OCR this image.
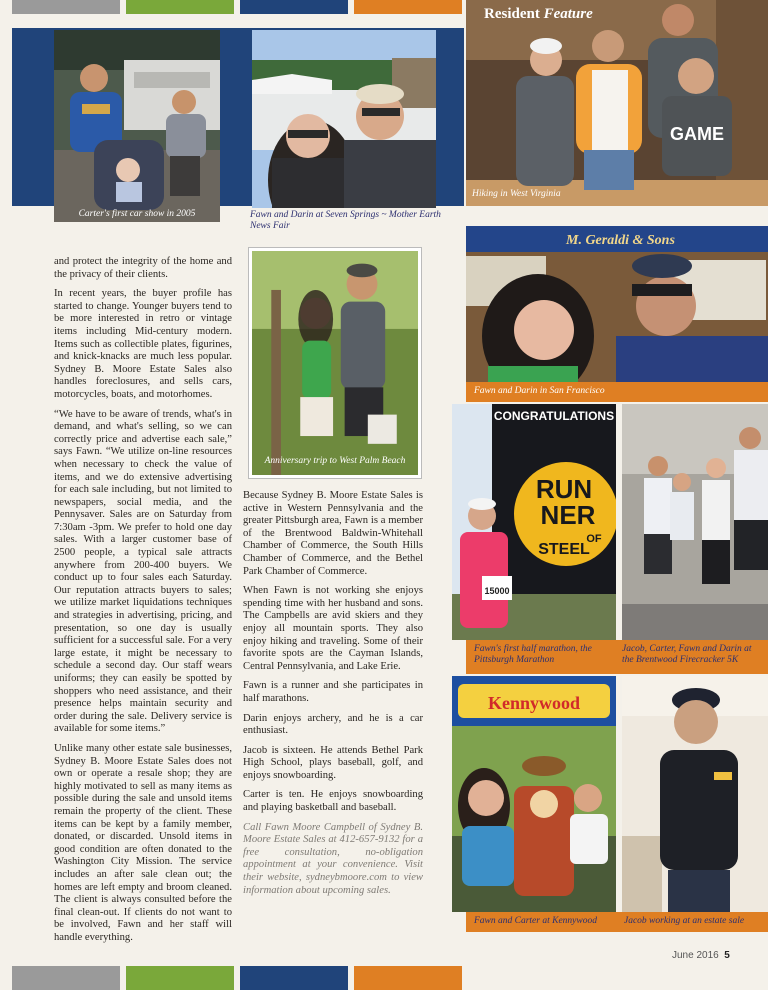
Carter's first car show in 2005	Fawn and Darin at Seven Springs ~ Mother Earth News Fair
GAME
Hiking in West Virginia
Resident Feature

and protect the integrity of the home and the privacy of their clients.

In recent years, the buyer profile has started to change. Younger buyers tend to be more interested in retro or vintage items including Mid-century modern. Items such as collectible plates, figurines, and knick-knacks are much less popular. Sydney B. Moore Estate Sales also handles foreclosures, and sells cars, motorcycles, boats, and motorhomes.

“We have to be aware of trends, what's in demand, and what's selling, so we can correctly price and advertise each sale,” says Fawn. “We utilize on-line resources when necessary to check the value of items, and we do extensive advertising for each sale including, but not limited to newspapers, social media, and the Pennysaver. Sales are on Saturday from 7:30am -3pm. We prefer to hold one day sales. With a larger customer base of 2500 people, a typical sale attracts anywhere from 200-400 buyers. We conduct up to four sales each Saturday. Our reputation attracts buyers to sales; we utilize market liquidations techniques and strategies in advertising, pricing, and presentation, so one day is usually sufficient for a successful sale. For a very large estate, it might be necessary to schedule a second day. Our staff wears uniforms; they can easily be spotted by shoppers who need assistance, and their presence helps maintain security and order during the sale. Delivery service is available for some items.”

Unlike many other estate sale businesses, Sydney B. Moore Estate Sales does not own or operate a resale shop; they are highly motivated to sell as many items as possible during the sale and unsold items remain the property of the client. These items can be kept by a family member, donated, or discarded. Unsold items in good condition are often donated to the Washington City Mission. The service includes an after sale clean out; the homes are left empty and broom cleaned. The client is always consulted before the final clean-out. If clients do not want to be involved, Fawn and her staff will handle everything.

Anniversary trip to West Palm Beach

Because Sydney B. Moore Estate Sales is active in Western Pennsylvania and the greater Pittsburgh area, Fawn is a member of the Brentwood Baldwin-Whitehall Chamber of Commerce, the South Hills Chamber of Commerce, and the Bethel Park Chamber of Commerce.

When Fawn is not working she enjoys spending time with her husband and sons. The Campbells are avid skiers and they enjoy all mountain sports. They also enjoy hiking and traveling. Some of their favorite spots are the Cayman Islands, Central Pennsylvania, and Lake Erie.

Fawn is a runner and she participates in half marathons.

Darin enjoys archery, and he is a car enthusiast.

Jacob is sixteen. He attends Bethel Park High School, plays baseball, golf, and enjoys snowboarding.

Carter is ten. He enjoys snowboarding and playing basketball and baseball.

Call Fawn Moore Campbell of Sydney B. Moore Estate Sales at 412-657-9132 for a free consultation, no-obligation appointment at your convenience. Visit their website, sydneybmoore.com to view information about upcoming sales.

M. Geraldi & Sons
Fawn and Darin in San Francisco
CONGRATULATIONS
RUN
NER
OF
STEEL
15000
Fawn's first half marathon, the Pittsburgh Marathon
Jacob, Carter, Fawn and Darin at the Brentwood Firecracker 5K
Kennywood
Fawn and Carter at Kennywood	Jacob working at an estate sale
June 2016 5
